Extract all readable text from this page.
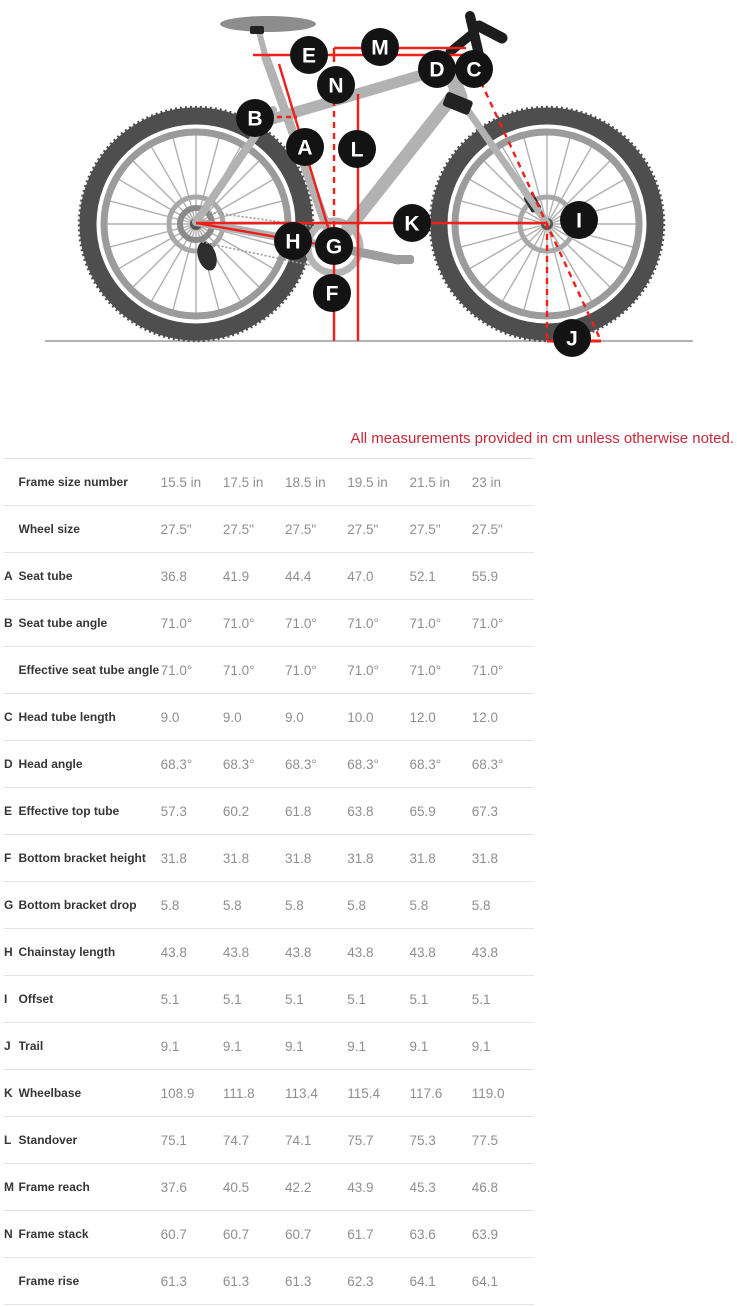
A
B
C
D
E
F
G
H
I
J
K
L
M
N
All measurements provided in cm unless otherwise noted.
	Frame size number	15.5 in	17.5 in	18.5 in	19.5 in	21.5 in	23 in
	Wheel size	27.5"	27.5"	27.5"	27.5"	27.5"	27.5"
A	Seat tube	36.8	41.9	44.4	47.0	52.1	55.9
B	Seat tube angle	71.0°	71.0°	71.0°	71.0°	71.0°	71.0°
	Effective seat tube angle	71.0°	71.0°	71.0°	71.0°	71.0°	71.0°
C	Head tube length	9.0	9.0	9.0	10.0	12.0	12.0
D	Head angle	68.3°	68.3°	68.3°	68.3°	68.3°	68.3°
E	Effective top tube	57.3	60.2	61.8	63.8	65.9	67.3
F	Bottom bracket height	31.8	31.8	31.8	31.8	31.8	31.8
G	Bottom bracket drop	5.8	5.8	5.8	5.8	5.8	5.8
H	Chainstay length	43.8	43.8	43.8	43.8	43.8	43.8
I	Offset	5.1	5.1	5.1	5.1	5.1	5.1
J	Trail	9.1	9.1	9.1	9.1	9.1	9.1
K	Wheelbase	108.9	111.8	113.4	115.4	117.6	119.0
L	Standover	75.1	74.7	74.1	75.7	75.3	77.5
M	Frame reach	37.6	40.5	42.2	43.9	45.3	46.8
N	Frame stack	60.7	60.7	60.7	61.7	63.6	63.9
	Frame rise	61.3	61.3	61.3	62.3	64.1	64.1
